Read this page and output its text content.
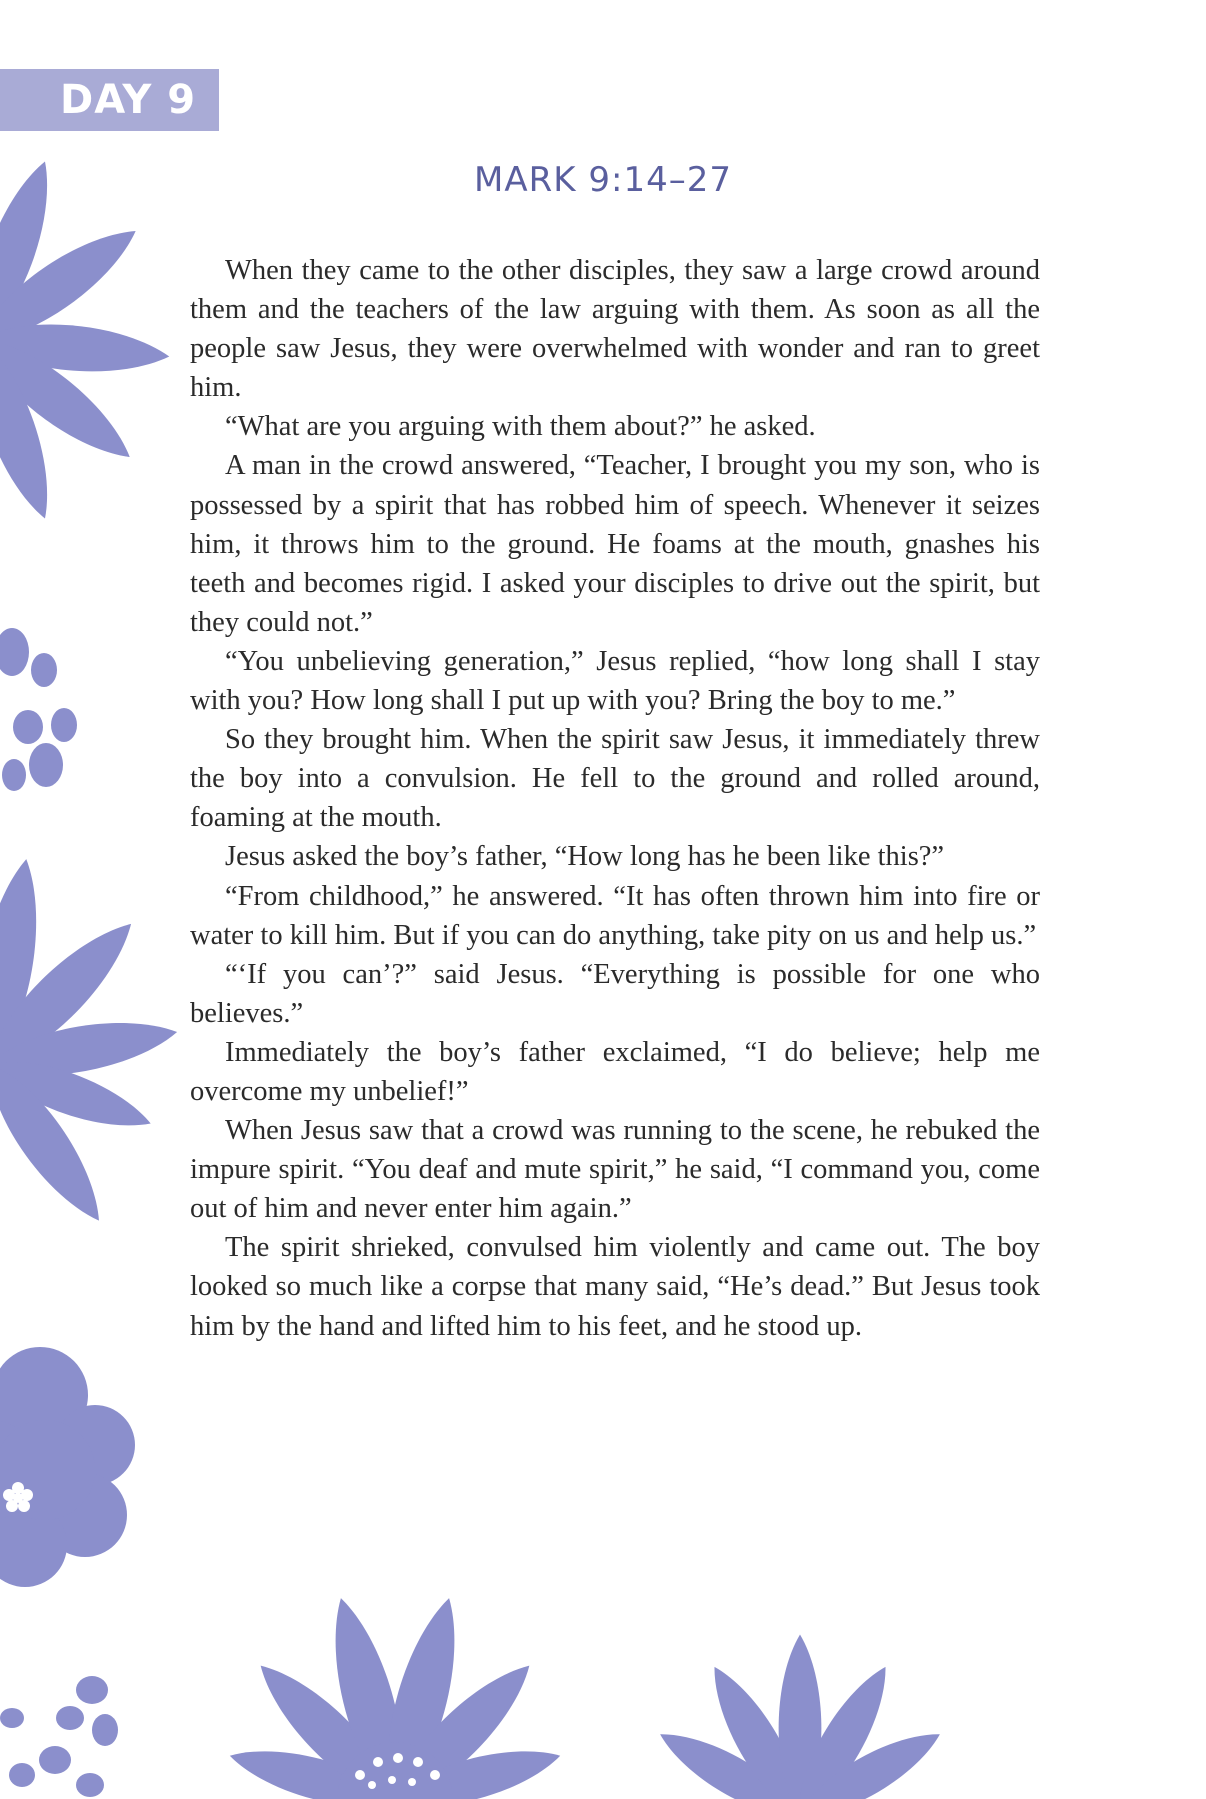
DAY 9
MARK 9:14–27

When they came to the other disciples, they saw a large crowd around them and the teachers of the law arguing with them. As soon as all the people saw Jesus, they were overwhelmed with wonder and ran to greet him.

“What are you arguing with them about?” he asked.

A man in the crowd answered, “Teacher, I brought you my son, who is possessed by a spirit that has robbed him of speech. Whenever it seizes him, it throws him to the ground. He foams at the mouth, gnashes his teeth and becomes rigid. I asked your disciples to drive out the spirit, but they could not.”

“You unbelieving generation,” Jesus replied, “how long shall I stay with you? How long shall I put up with you? Bring the boy to me.”

So they brought him. When the spirit saw Jesus, it immediately threw the boy into a convulsion. He fell to the ground and rolled around, foaming at the mouth.

Jesus asked the boy’s father, “How long has he been like this?”

“From childhood,” he answered. “It has often thrown him into fire or water to kill him. But if you can do anything, take pity on us and help us.”

“‘If you can’?” said Jesus. “Everything is possible for one who believes.”

Immediately the boy’s father exclaimed, “I do believe; help me overcome my unbelief!”

When Jesus saw that a crowd was running to the scene, he rebuked the impure spirit. “You deaf and mute spirit,” he said, “I command you, come out of him and never enter him again.”

The spirit shrieked, convulsed him violently and came out. The boy looked so much like a corpse that many said, “He’s dead.” But Jesus took him by the hand and lifted him to his feet, and he stood up.
